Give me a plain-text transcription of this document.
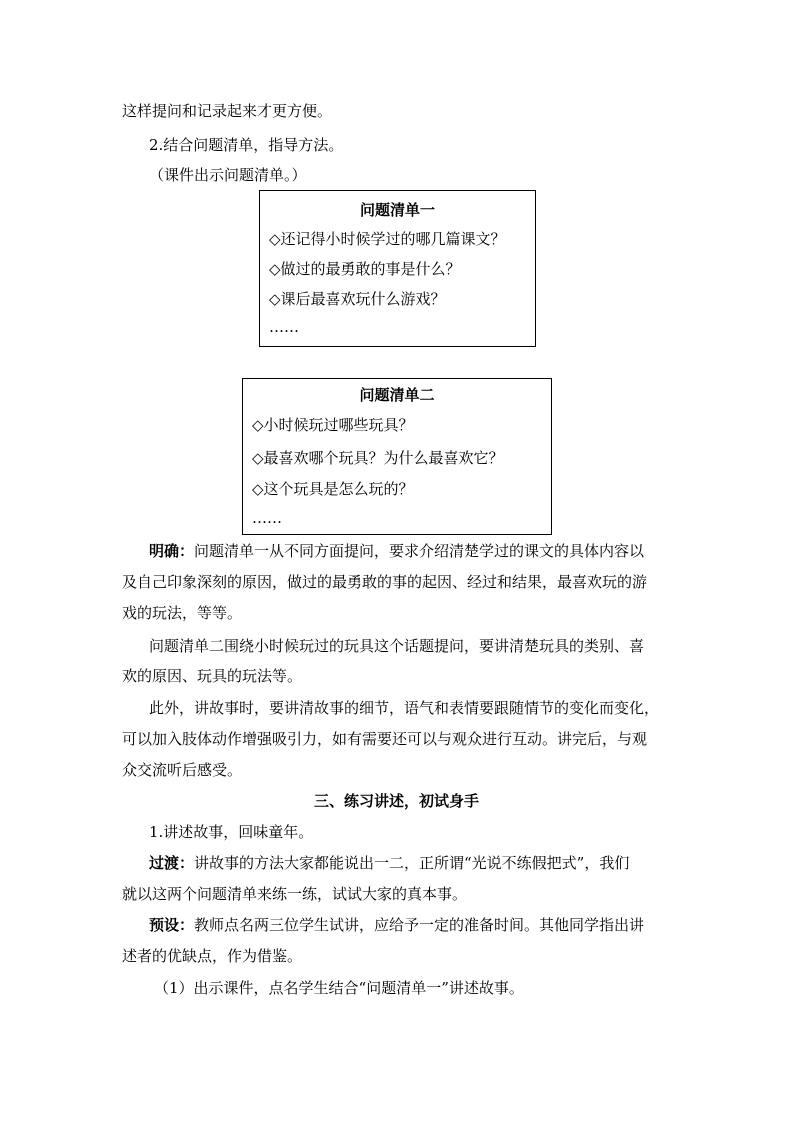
这样提问和记录起来才更方便。
2.结合问题清单，指导方法。
（课件出示问题清单。）
问题清单一
◇还记得小时候学过的哪几篇课文？
◇做过的最勇敢的事是什么？
◇课后最喜欢玩什么游戏？
……
问题清单二
◇小时候玩过哪些玩具？
◇最喜欢哪个玩具？为什么最喜欢它？
◇这个玩具是怎么玩的？
……
明确：问题清单一从不同方面提问，要求介绍清楚学过的课文的具体内容以
及自己印象深刻的原因，做过的最勇敢的事的起因、经过和结果，最喜欢玩的游
戏的玩法，等等。
问题清单二围绕小时候玩过的玩具这个话题提问，要讲清楚玩具的类别、喜
欢的原因、玩具的玩法等。
此外，讲故事时，要讲清故事的细节，语气和表情要跟随情节的变化而变化，
可以加入肢体动作增强吸引力，如有需要还可以与观众进行互动。讲完后，与观
众交流听后感受。
三、练习讲述，初试身手
1.讲述故事，回味童年。
过渡：讲故事的方法大家都能说出一二，正所谓“光说不练假把式”，我们
就以这两个问题清单来练一练，试试大家的真本事。
预设：教师点名两三位学生试讲，应给予一定的准备时间。其他同学指出讲
述者的优缺点，作为借鉴。
（1）出示课件，点名学生结合“问题清单一”讲述故事。
